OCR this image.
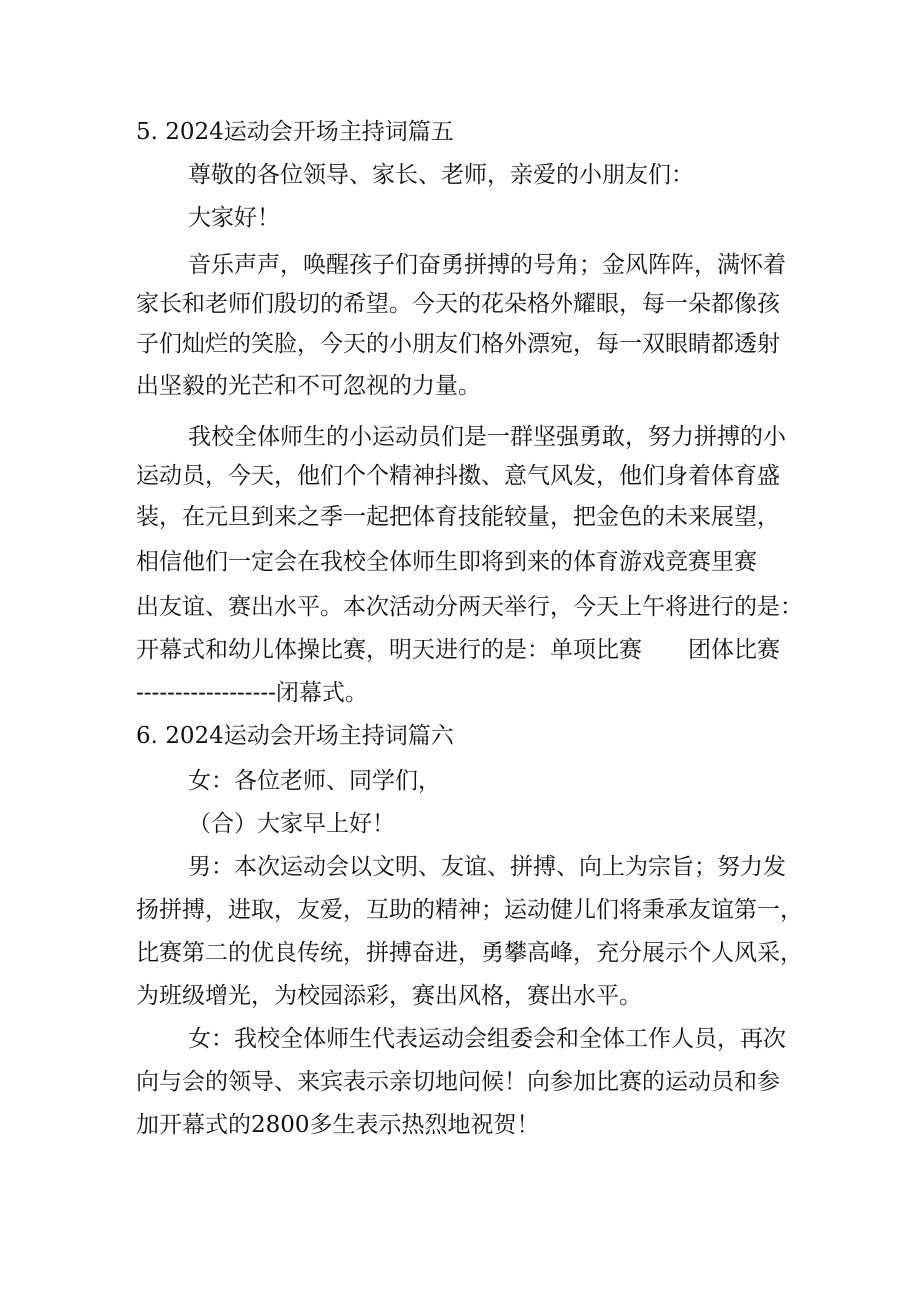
5. 2024运动会开场主持词篇五

尊敬的各位领导、家长、老师，亲爱的小朋友们：

大家好！

音乐声声，唤醒孩子们奋勇拼搏的号角；金风阵阵，满怀着

家长和老师们殷切的希望。今天的花朵格外耀眼，每一朵都像孩

子们灿烂的笑脸，今天的小朋友们格外漂宛，每一双眼睛都透射

出坚毅的光芒和不可忽视的力量。

我校全体师生的小运动员们是一群坚强勇敢，努力拼搏的小

运动员，今天，他们个个精神抖擞、意气风发，他们身着体育盛

装，在元旦到来之季一起把体育技能较量，把金色的未来展望，

相信他们一定会在我校全体师生即将到来的体育游戏竞赛里赛

出友谊、赛出水平。本次活动分两天举行，今天上午将进行的是：

开幕式和幼儿体操比赛，明天进行的是：单项比赛　　团体比赛

------------------闭幕式。

6. 2024运动会开场主持词篇六

女：各位老师、同学们，

（合）大家早上好！

男：本次运动会以文明、友谊、拼搏、向上为宗旨；努力发

扬拼搏，进取，友爱，互助的精神；运动健儿们将秉承友谊第一，

比赛第二的优良传统，拼搏奋进，勇攀高峰，充分展示个人风采，

为班级增光，为校园添彩，赛出风格，赛出水平。

女：我校全体师生代表运动会组委会和全体工作人员，再次

向与会的领导、来宾表示亲切地问候！向参加比赛的运动员和参

加开幕式的2800多生表示热烈地祝贺！
